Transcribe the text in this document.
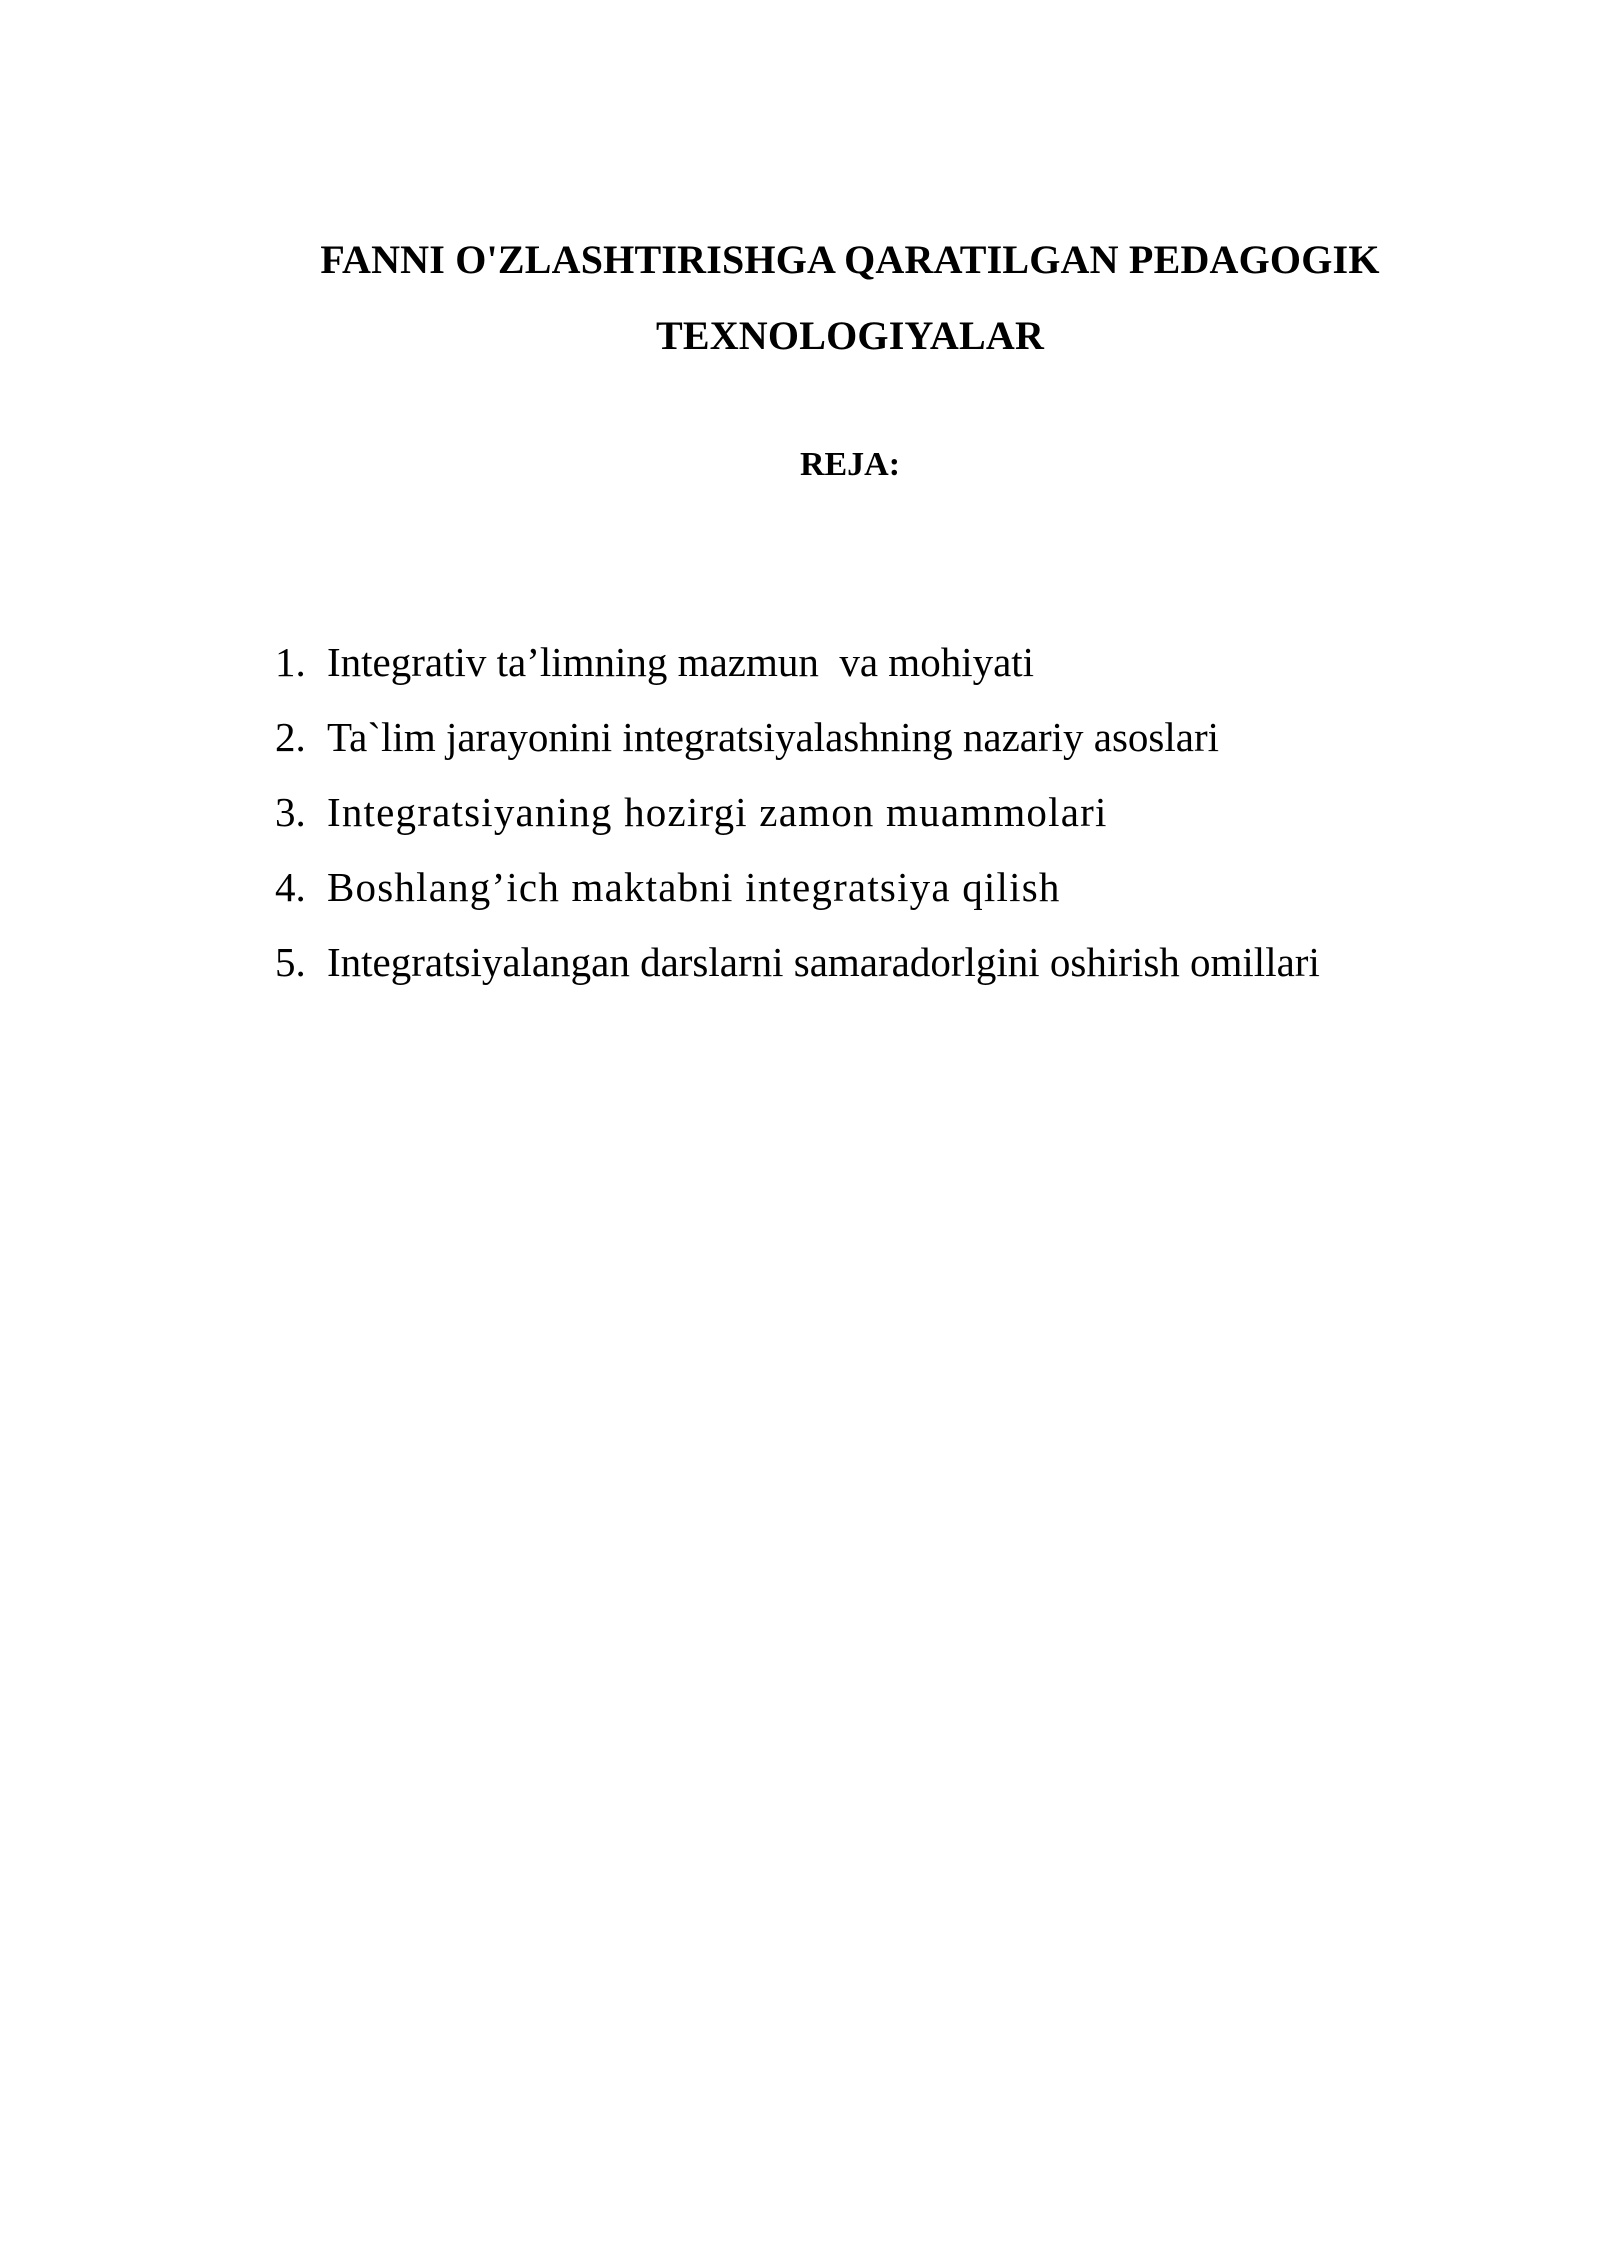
FANNI O'ZLASHTIRISHGA QARATILGAN PEDAGOGIK
TEXNOLOGIYALAR
REJA:
1. Integrativ ta’limning mazmun  va mohiyati
2. Ta`lim jarayonini integratsiyalashning nazariy asoslari
3. Integratsiyaning hozirgi zamon muammolari
4. Boshlang’ich maktabni integratsiya qilish
5. Integratsiyalangan darslarni samaradorlgini oshirish omillari
